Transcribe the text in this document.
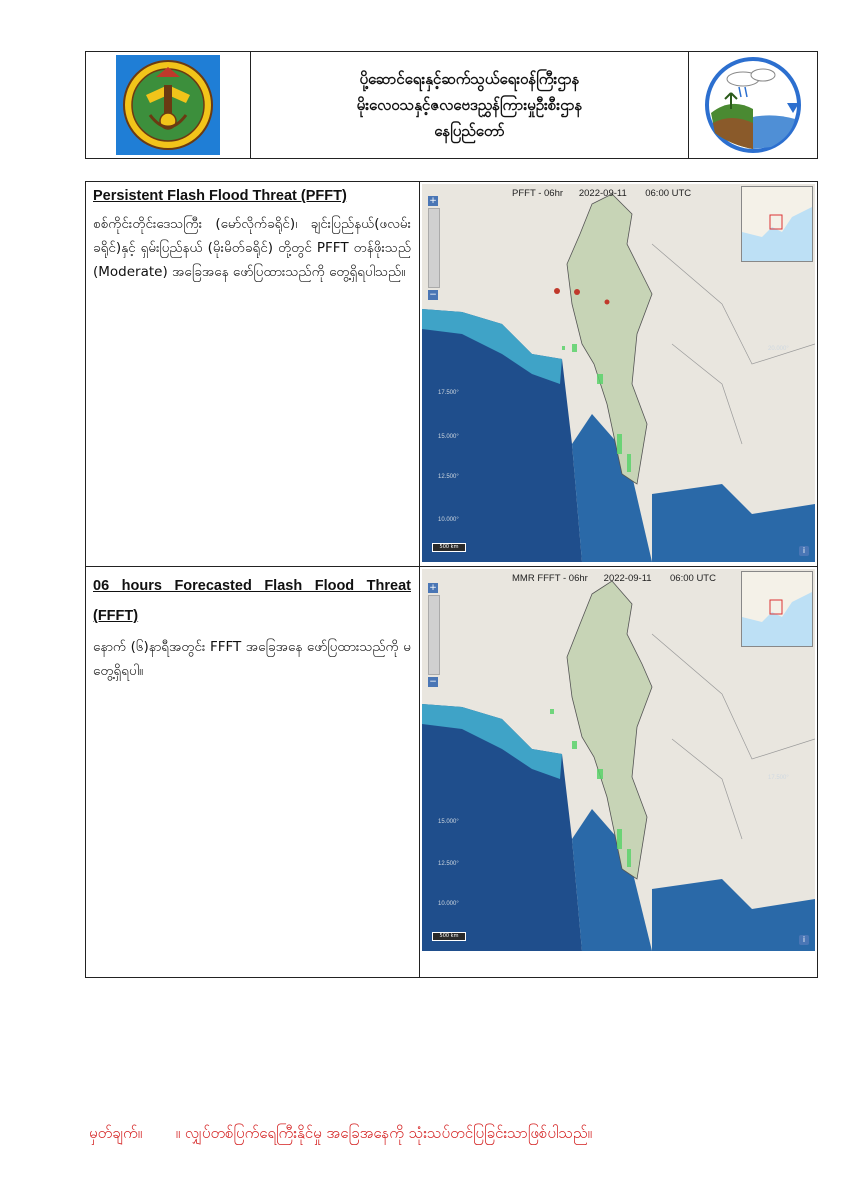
ပို့ဆောင်ရေးနှင့်ဆက်သွယ်ရေးဝန်ကြီးဌာန
မိုးလေဝသနှင့်ဇလဗေဒညွှန်ကြားမှုဦးစီးဌာန
နေပြည်တော်
Persistent Flash Flood Threat (PFFT)
စစ်ကိုင်းတိုင်းဒေသကြီး (မော်လိုက်ခရိုင်)၊ ချင်းပြည်နယ်(ဖလမ်းခရိုင်)နှင့် ရှမ်းပြည်နယ် (မိုးမိတ်ခရိုင်) တို့တွင် PFFT တန်ဖိုးသည် (Moderate) အခြေအနေ ဖော်ပြထားသည်ကို တွေ့ရှိရပါသည်။
PFFT - 06hr      2022-09-11       06:00 UTC
+
−
20.000°
17.500°
15.000°
12.500°
10.000°
500 km	i
06 hours Forecasted Flash Flood Threat (FFFT)
နောက် (၆)နာရီအတွင်း FFFT အခြေအနေ ဖော်ပြထားသည်ကို မတွေ့ရှိရပါ။
MMR FFFT - 06hr      2022-09-11       06:00 UTC
+
−
17.500°
15.000°
12.500°
10.000°
500 km	i
မှတ်ချက်။       ။ လျှပ်တစ်ပြက်ရေကြီးနိုင်မှု အခြေအနေကို သုံးသပ်တင်ပြခြင်းသာဖြစ်ပါသည်။
